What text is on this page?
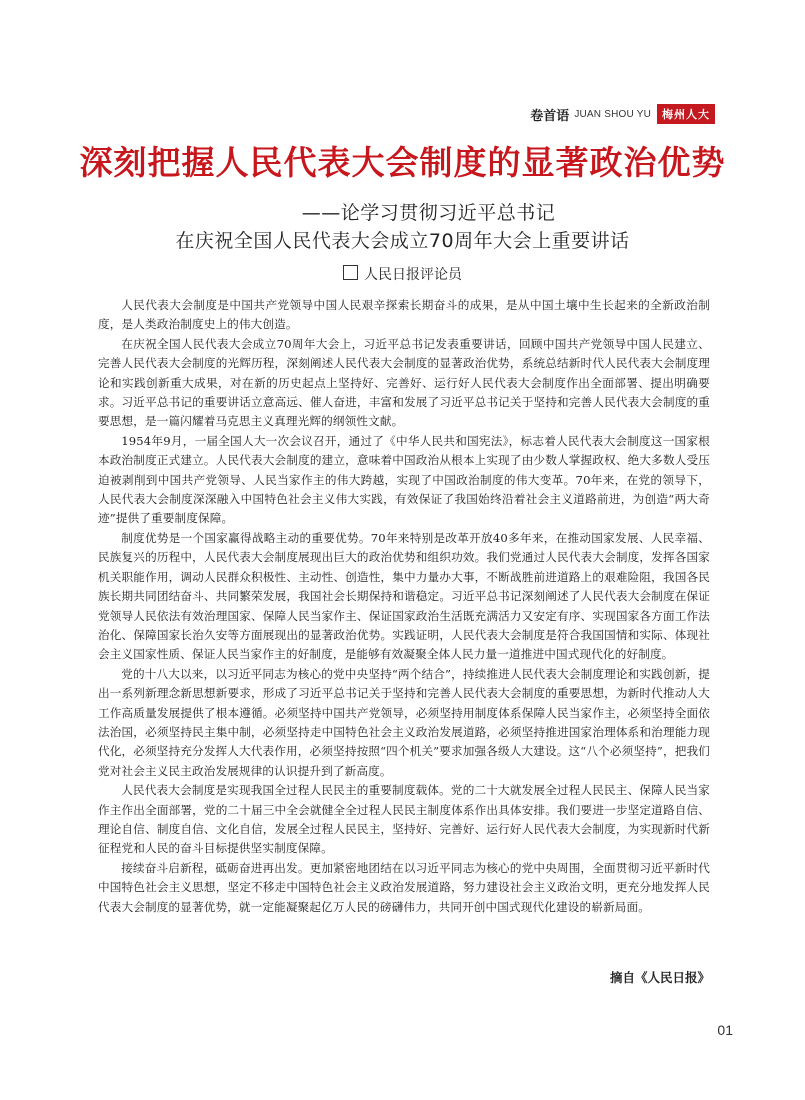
卷首语 JUAN SHOU YU	梅州人大
深刻把握人民代表大会制度的显著政治优势
——论学习贯彻习近平总书记
在庆祝全国人民代表大会成立70周年大会上重要讲话
人民日报评论员

人民代表大会制度是中国共产党领导中国人民艰辛探索长期奋斗的成果，是从中国土壤中生长起来的全新政治制度，是人类政治制度史上的伟大创造。

在庆祝全国人民代表大会成立70周年大会上，习近平总书记发表重要讲话，回顾中国共产党领导中国人民建立、完善人民代表大会制度的光辉历程，深刻阐述人民代表大会制度的显著政治优势，系统总结新时代人民代表大会制度理论和实践创新重大成果，对在新的历史起点上坚持好、完善好、运行好人民代表大会制度作出全面部署、提出明确要求。习近平总书记的重要讲话立意高远、催人奋进，丰富和发展了习近平总书记关于坚持和完善人民代表大会制度的重要思想，是一篇闪耀着马克思主义真理光辉的纲领性文献。

1954年9月，一届全国人大一次会议召开，通过了《中华人民共和国宪法》，标志着人民代表大会制度这一国家根本政治制度正式建立。人民代表大会制度的建立，意味着中国政治从根本上实现了由少数人掌握政权、绝大多数人受压迫被剥削到中国共产党领导、人民当家作主的伟大跨越，实现了中国政治制度的伟大变革。70年来，在党的领导下，人民代表大会制度深深融入中国特色社会主义伟大实践，有效保证了我国始终沿着社会主义道路前进，为创造“两大奇迹”提供了重要制度保障。

制度优势是一个国家赢得战略主动的重要优势。70年来特别是改革开放40多年来，在推动国家发展、人民幸福、民族复兴的历程中，人民代表大会制度展现出巨大的政治优势和组织功效。我们党通过人民代表大会制度，发挥各国家机关职能作用，调动人民群众积极性、主动性、创造性，集中力量办大事，不断战胜前进道路上的艰难险阻，我国各民族长期共同团结奋斗、共同繁荣发展，我国社会长期保持和谐稳定。习近平总书记深刻阐述了人民代表大会制度在保证党领导人民依法有效治理国家、保障人民当家作主、保证国家政治生活既充满活力又安定有序、实现国家各方面工作法治化、保障国家长治久安等方面展现出的显著政治优势。实践证明，人民代表大会制度是符合我国国情和实际、体现社会主义国家性质、保证人民当家作主的好制度，是能够有效凝聚全体人民力量一道推进中国式现代化的好制度。

党的十八大以来，以习近平同志为核心的党中央坚持“两个结合”，持续推进人民代表大会制度理论和实践创新，提出一系列新理念新思想新要求，形成了习近平总书记关于坚持和完善人民代表大会制度的重要思想，为新时代推动人大工作高质量发展提供了根本遵循。必须坚持中国共产党领导，必须坚持用制度体系保障人民当家作主，必须坚持全面依法治国，必须坚持民主集中制，必须坚持走中国特色社会主义政治发展道路，必须坚持推进国家治理体系和治理能力现代化，必须坚持充分发挥人大代表作用，必须坚持按照“四个机关”要求加强各级人大建设。这“八个必须坚持”，把我们党对社会主义民主政治发展规律的认识提升到了新高度。

人民代表大会制度是实现我国全过程人民民主的重要制度载体。党的二十大就发展全过程人民民主、保障人民当家作主作出全面部署，党的二十届三中全会就健全全过程人民民主制度体系作出具体安排。我们要进一步坚定道路自信、理论自信、制度自信、文化自信，发展全过程人民民主，坚持好、完善好、运行好人民代表大会制度，为实现新时代新征程党和人民的奋斗目标提供坚实制度保障。

接续奋斗启新程，砥砺奋进再出发。更加紧密地团结在以习近平同志为核心的党中央周围，全面贯彻习近平新时代中国特色社会主义思想，坚定不移走中国特色社会主义政治发展道路，努力建设社会主义政治文明，更充分地发挥人民代表大会制度的显著优势，就一定能凝聚起亿万人民的磅礴伟力，共同开创中国式现代化建设的崭新局面。

摘自《人民日报》
01
